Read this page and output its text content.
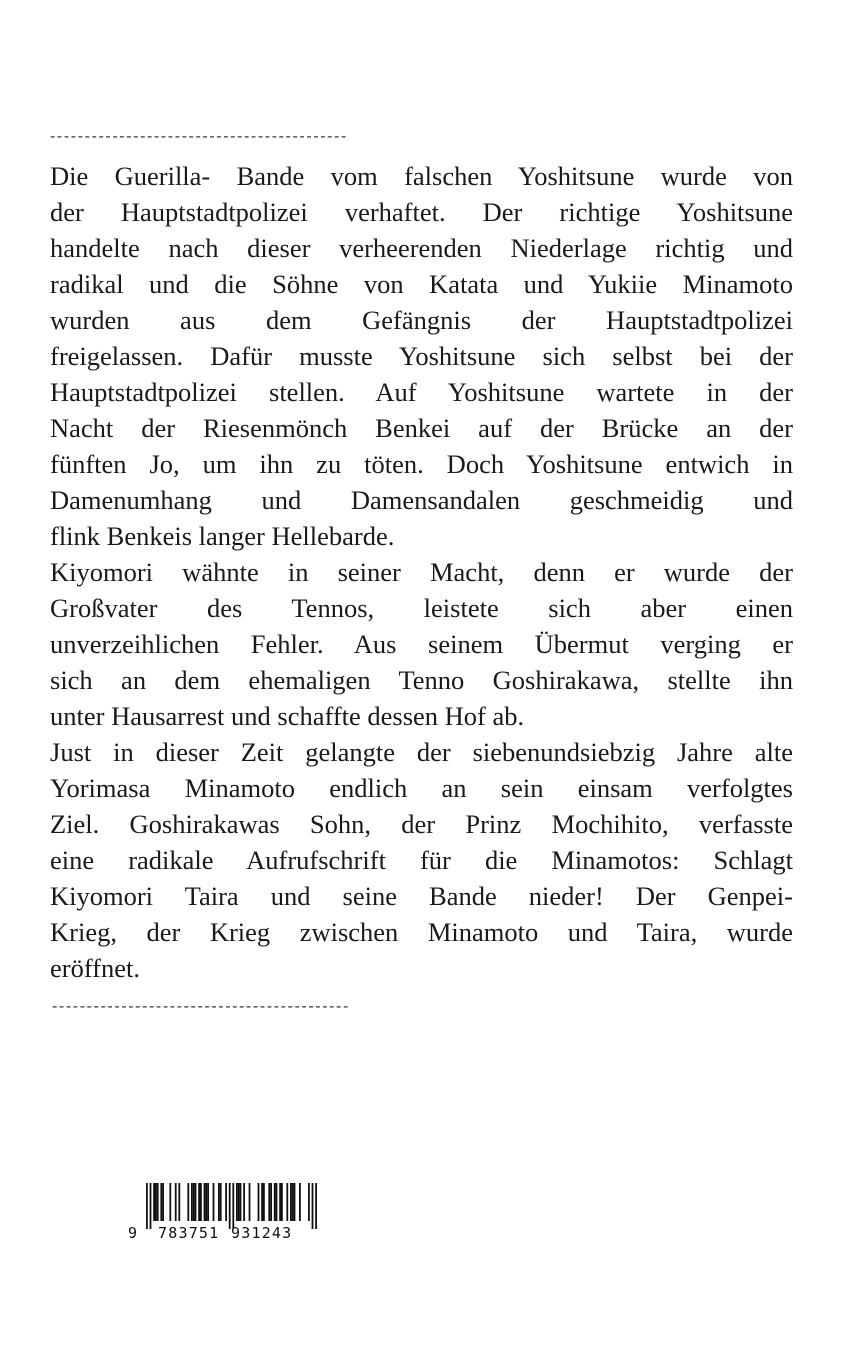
-------------------------------------------
Die Guerilla- Bande vom falschen Yoshitsune wurde von
der Hauptstadtpolizei verhaftet. Der richtige Yoshitsune
handelte nach dieser verheerenden Niederlage richtig und
radikal und die Söhne von Katata und Yukiie Minamoto
wurden aus dem Gefängnis der Hauptstadtpolizei
freigelassen. Dafür musste Yoshitsune sich selbst bei der
Hauptstadtpolizei stellen. Auf Yoshitsune wartete in der
Nacht der Riesenmönch Benkei auf der Brücke an der
fünften Jo, um ihn zu töten. Doch Yoshitsune entwich in
Damenumhang und Damensandalen geschmeidig und
flink Benkeis langer Hellebarde.
Kiyomori wähnte in seiner Macht, denn er wurde der
Großvater des Tennos, leistete sich aber einen
unverzeihlichen Fehler. Aus seinem Übermut verging er
sich an dem ehemaligen Tenno Goshirakawa, stellte ihn
unter Hausarrest und schaffte dessen Hof ab.
Just in dieser Zeit gelangte der siebenundsiebzig Jahre alte
Yorimasa Minamoto endlich an sein einsam verfolgtes
Ziel. Goshirakawas Sohn, der Prinz Mochihito, verfasste
eine radikale Aufrufschrift für die Minamotos: Schlagt
Kiyomori Taira und seine Bande nieder! Der Genpei-
Krieg, der Krieg zwischen Minamoto und Taira, wurde
eröffnet.
-------------------------------------------
9 783751 931243
